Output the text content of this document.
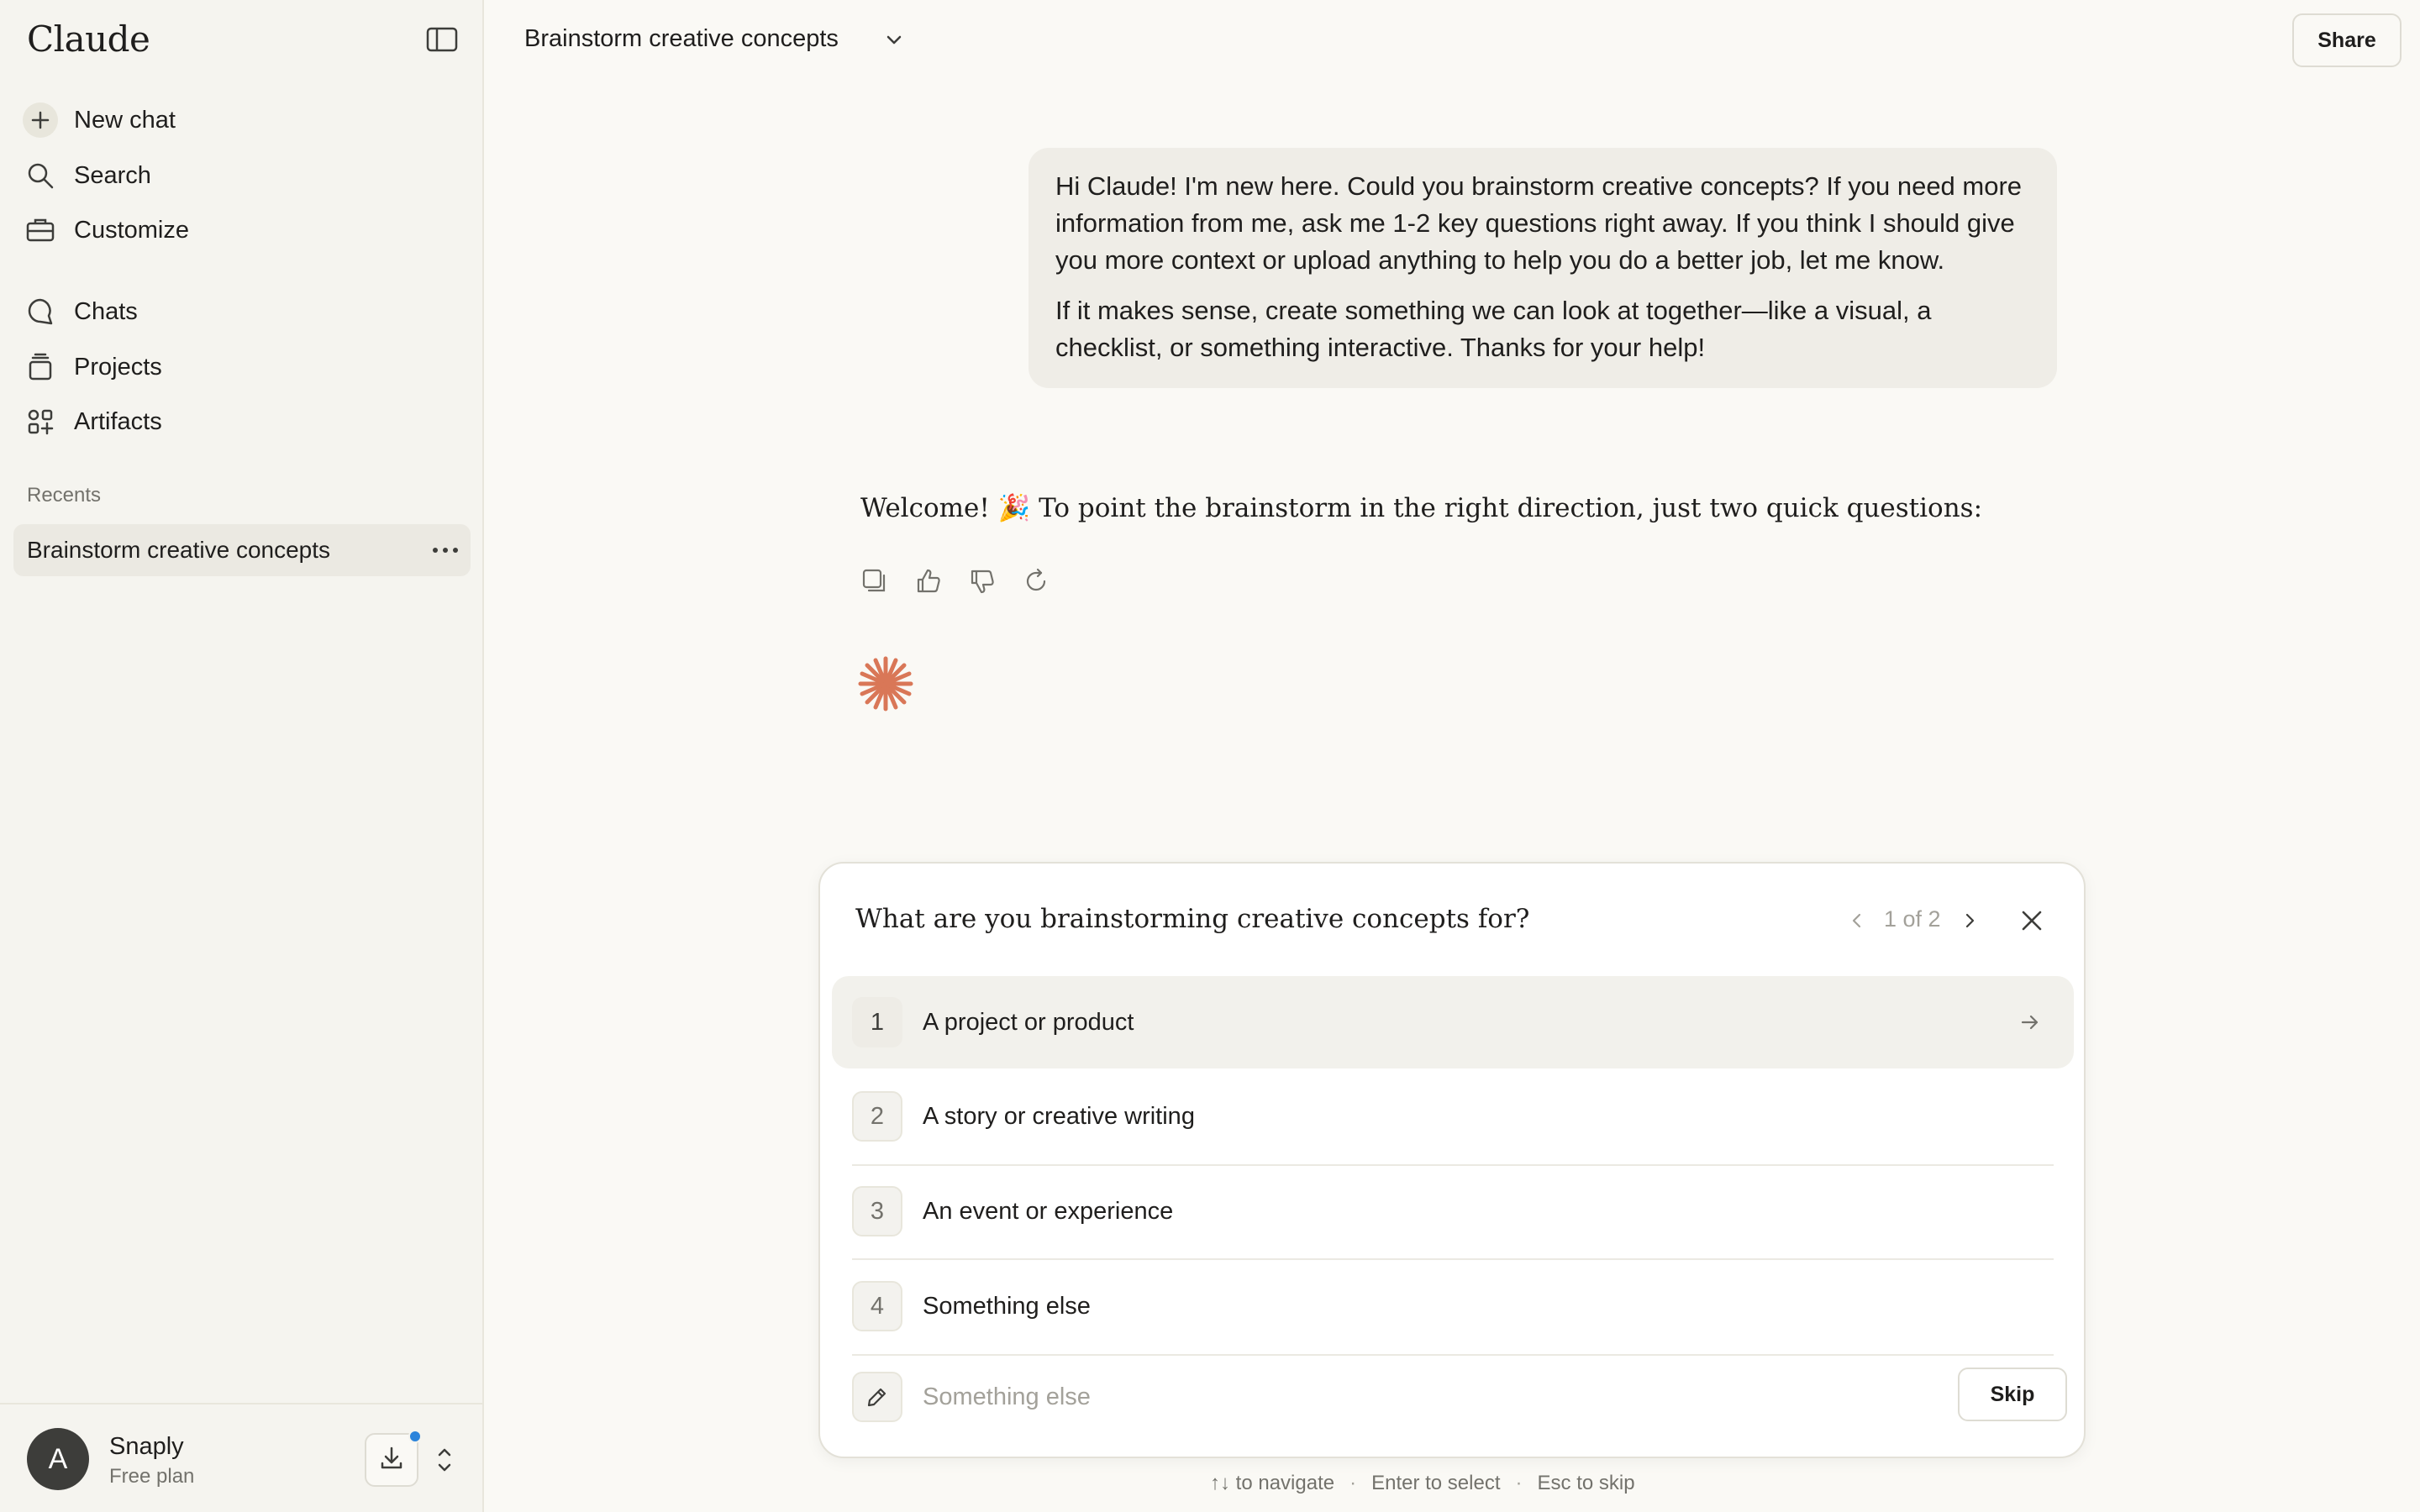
Claude
New chat
Search
Customize
Chats
Projects
Artifacts
Recents
Brainstorm creative concepts
A	Snaply
Free plan
Brainstorm creative concepts	Share

Hi Claude! I'm new here. Could you brainstorm creative concepts? If you need more information from me, ask me 1-2 key questions right away. If you think I should give you more context or upload anything to help you do a better job, let me know.

If it makes sense, create something we can look at together—like a visual, a checklist, or something interactive. Thanks for your help!

Welcome! 🎉 To point the brainstorm in the right direction, just two quick questions:
What are you brainstorming creative concepts for?	1 of 2
1	A project or product
2	A story or creative writing
3	An event or experience
4	Something else
Something else
Skip
↑↓ to navigate · Enter to select · Esc to skip
